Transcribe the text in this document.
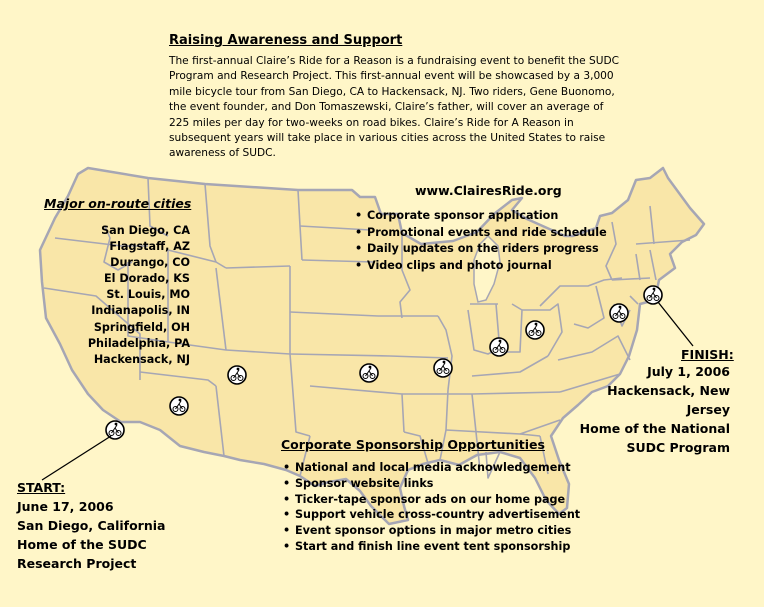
Raising Awareness and Support
The first-annual Claire’s Ride for a Reason is a fundraising event to benefit the SUDC Program and Research Project. This first-annual event will be showcased by a 3,000 mile bicycle tour from San Diego, CA to Hackensack, NJ. Two riders, Gene Buonomo, the event founder, and Don Tomaszewski, Claire’s father, will cover an average of 225 miles per day for two-weeks on road bikes. Claire’s Ride for A Reason in subsequent years will take place in various cities across the United States to raise awareness of SUDC.
Major on-route cities
San Diego, CA
Flagstaff, AZ
Durango, CO
El Dorado, KS
St. Louis, MO
Indianapolis, IN
Springfield, OH
Philadelphia, PA
Hackensack, NJ
www.ClairesRide.org
• Corporate sponsor application
• Promotional events and ride schedule
• Daily updates on the riders progress
• Video clips and photo journal
Corporate Sponsorship Opportunities
• National and local media acknowledgement
• Sponsor website links
• Ticker-tape sponsor ads on our home page
• Support vehicle cross-country advertisement
• Event sponsor options in major metro cities
• Start and finish line event tent sponsorship
START:
June 17, 2006
San Diego, California
Home of the SUDC
Research Project
FINISH:
July 1, 2006
Hackensack, New Jersey
Home of the National
SUDC Program
